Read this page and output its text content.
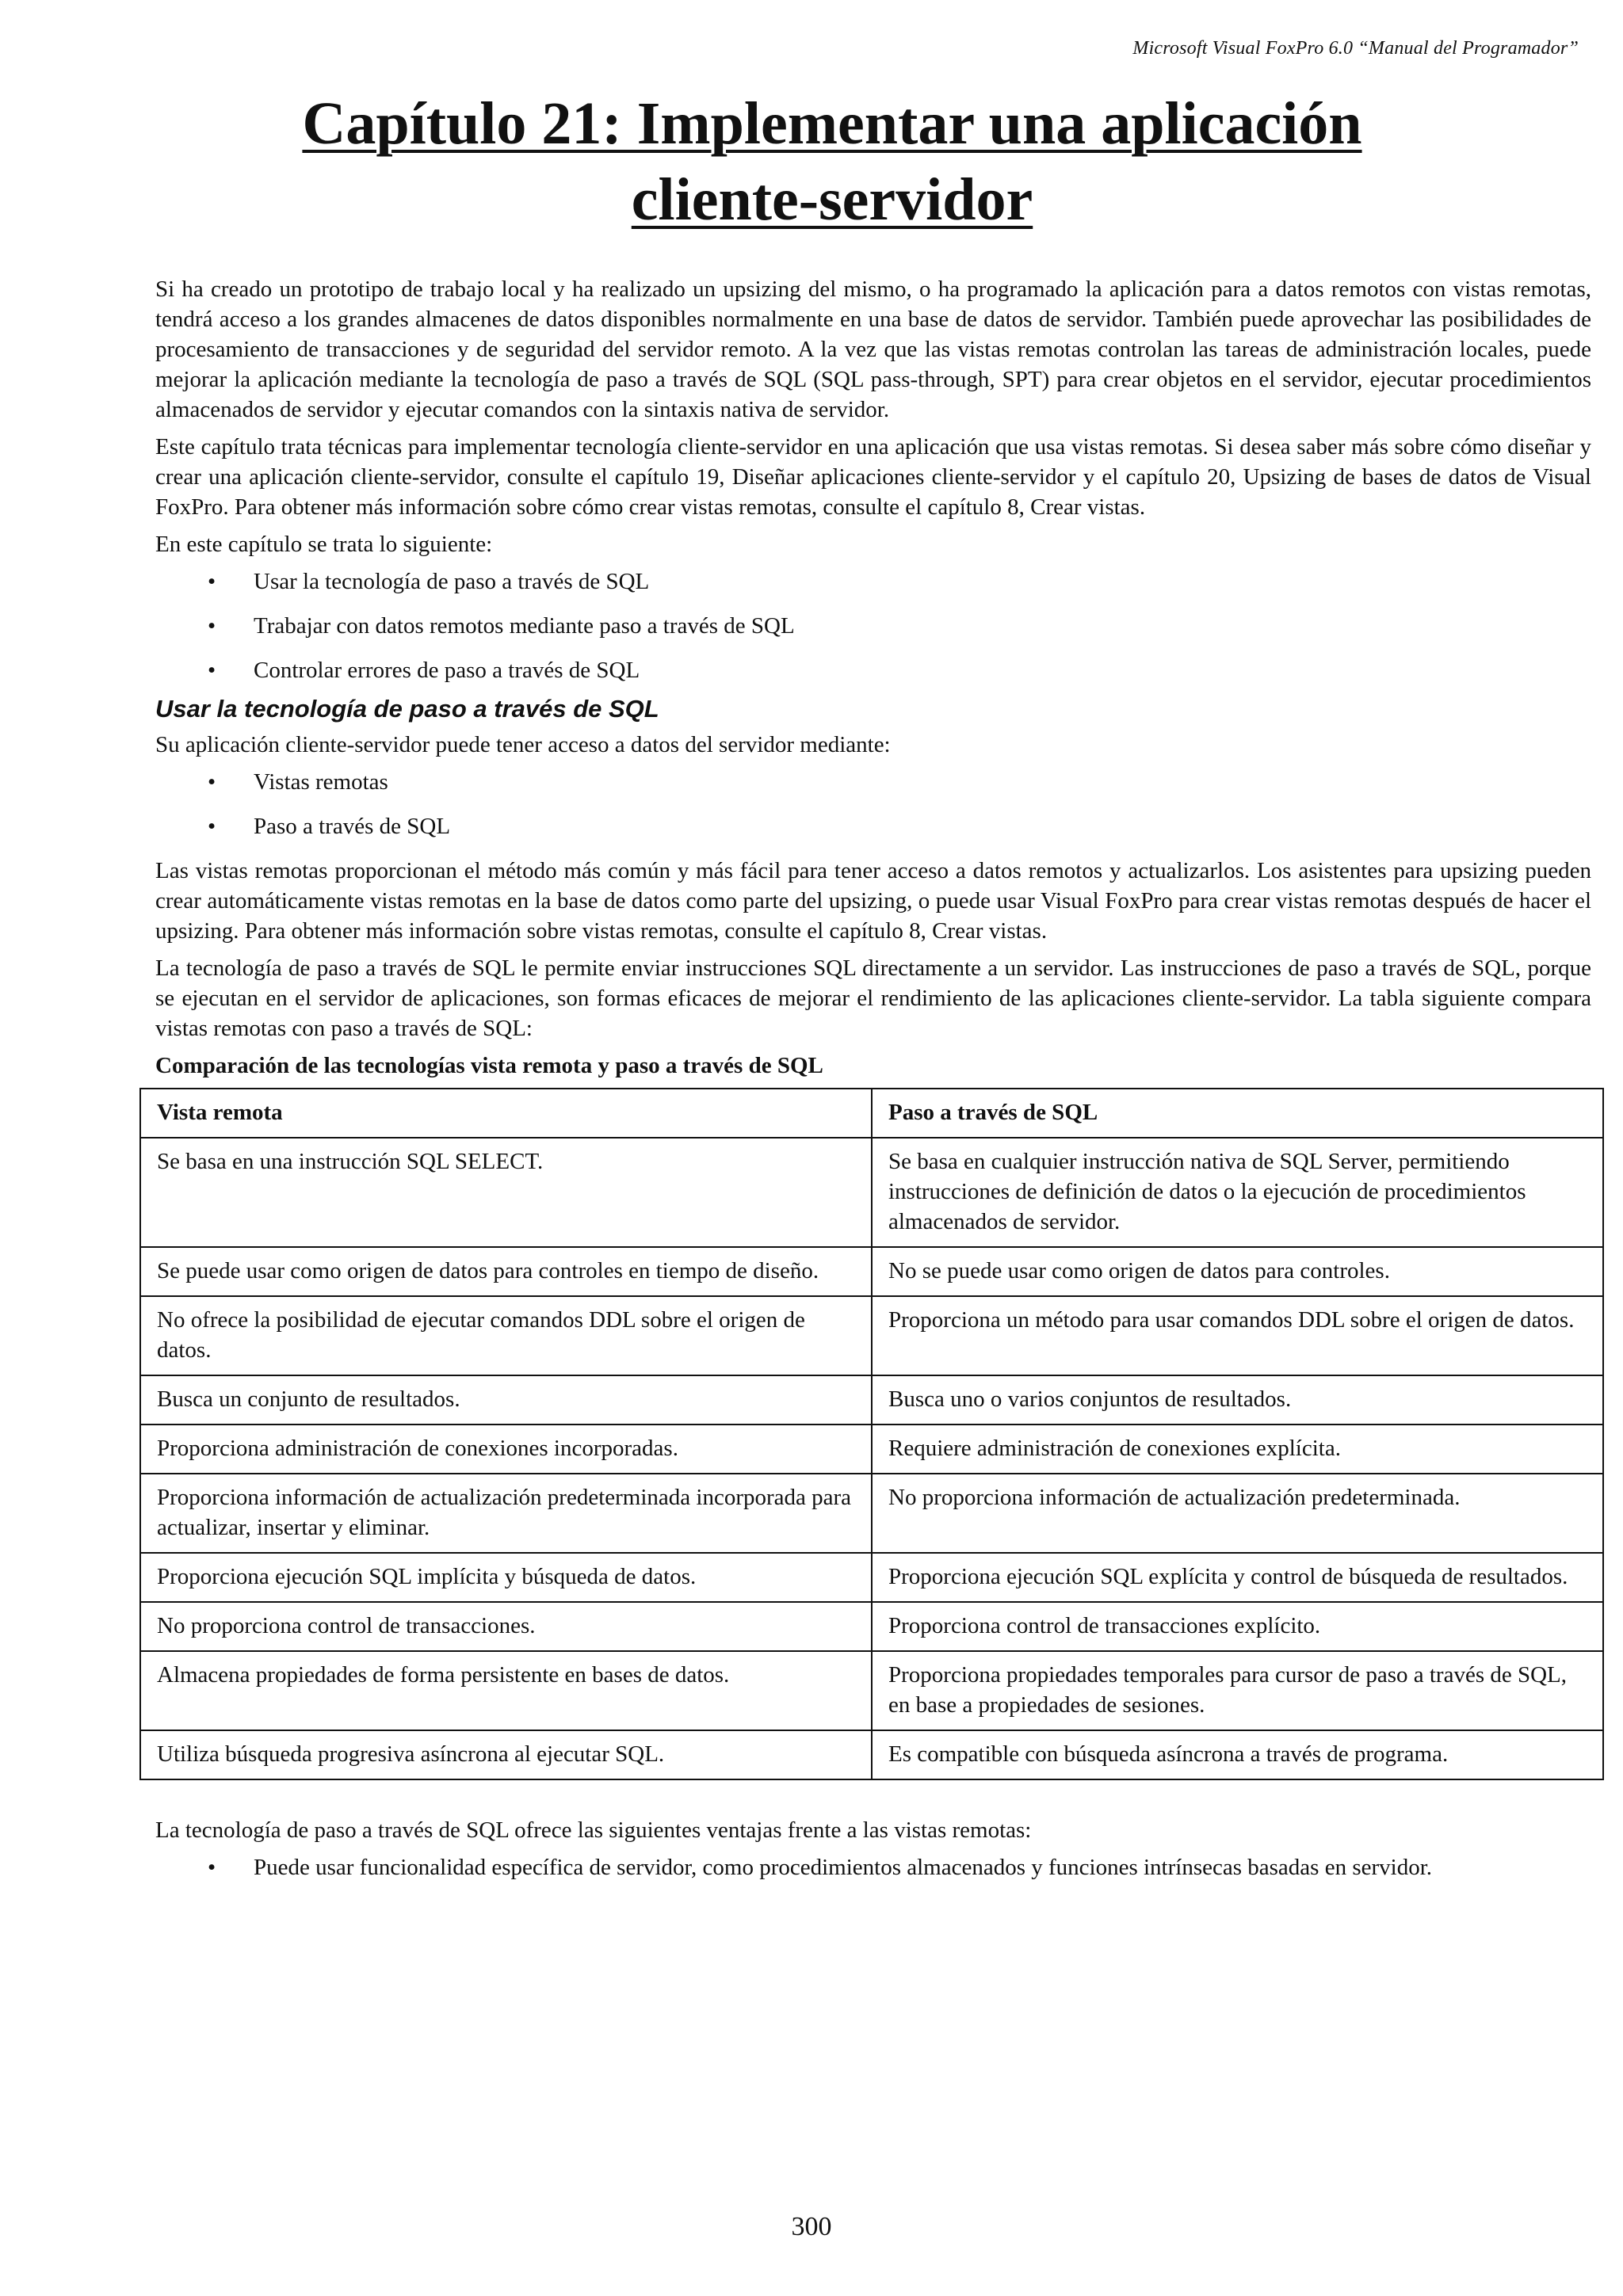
Microsoft Visual FoxPro 6.0 “Manual del Programador”
Capítulo 21: Implementar una aplicación
cliente-servidor

Si ha creado un prototipo de trabajo local y ha realizado un upsizing del mismo, o ha programado la aplicación para a datos remotos con vistas remotas, tendrá acceso a los grandes almacenes de datos disponibles normalmente en una base de datos de servidor. También puede aprovechar las posibilidades de procesamiento de transacciones y de seguridad del servidor remoto. A la vez que las vistas remotas controlan las tareas de administración locales, puede mejorar la aplicación mediante la tecnología de paso a través de SQL (SQL pass-through, SPT) para crear objetos en el servidor, ejecutar procedimientos almacenados de servidor y ejecutar comandos con la sintaxis nativa de servidor.

Este capítulo trata técnicas para implementar tecnología cliente-servidor en una aplicación que usa vistas remotas. Si desea saber más sobre cómo diseñar y crear una aplicación cliente-servidor, consulte el capítulo 19, Diseñar aplicaciones cliente-servidor y el capítulo 20, Upsizing de bases de datos de Visual FoxPro. Para obtener más información sobre cómo crear vistas remotas, consulte el capítulo 8, Crear vistas.

En este capítulo se trata lo siguiente:

• Usar la tecnología de paso a través de SQL
• Trabajar con datos remotos mediante paso a través de SQL
• Controlar errores de paso a través de SQL
Usar la tecnología de paso a través de SQL

Su aplicación cliente-servidor puede tener acceso a datos del servidor mediante:

• Vistas remotas
• Paso a través de SQL

Las vistas remotas proporcionan el método más común y más fácil para tener acceso a datos remotos y actualizarlos. Los asistentes para upsizing pueden crear automáticamente vistas remotas en la base de datos como parte del upsizing, o puede usar Visual FoxPro para crear vistas remotas después de hacer el upsizing. Para obtener más información sobre vistas remotas, consulte el capítulo 8, Crear vistas.

La tecnología de paso a través de SQL le permite enviar instrucciones SQL directamente a un servidor. Las instrucciones de paso a través de SQL, porque se ejecutan en el servidor de aplicaciones, son formas eficaces de mejorar el rendimiento de las aplicaciones cliente-servidor. La tabla siguiente compara vistas remotas con paso a través de SQL:

Comparación de las tecnologías vista remota y paso a través de SQL

Vista remota	Paso a través de SQL
Se basa en una instrucción SQL SELECT.	Se basa en cualquier instrucción nativa de SQL Server, permitiendo instrucciones de definición de datos o la ejecución de procedimientos almacenados de servidor.
Se puede usar como origen de datos para controles en tiempo de diseño.	No se puede usar como origen de datos para controles.
No ofrece la posibilidad de ejecutar comandos DDL sobre el origen de datos.	Proporciona un método para usar comandos DDL sobre el origen de datos.
Busca un conjunto de resultados.	Busca uno o varios conjuntos de resultados.
Proporciona administración de conexiones incorporadas.	Requiere administración de conexiones explícita.
Proporciona información de actualización predeterminada incorporada para actualizar, insertar y eliminar.	No proporciona información de actualización predeterminada.
Proporciona ejecución SQL implícita y búsqueda de datos.	Proporciona ejecución SQL explícita y control de búsqueda de resultados.
No proporciona control de transacciones.	Proporciona control de transacciones explícito.
Almacena propiedades de forma persistente en bases de datos.	Proporciona propiedades temporales para cursor de paso a través de SQL, en base a propiedades de sesiones.
Utiliza búsqueda progresiva asíncrona al ejecutar SQL.	Es compatible con búsqueda asíncrona a través de programa.

La tecnología de paso a través de SQL ofrece las siguientes ventajas frente a las vistas remotas:

• Puede usar funcionalidad específica de servidor, como procedimientos almacenados y funciones intrínsecas basadas en servidor.
300
